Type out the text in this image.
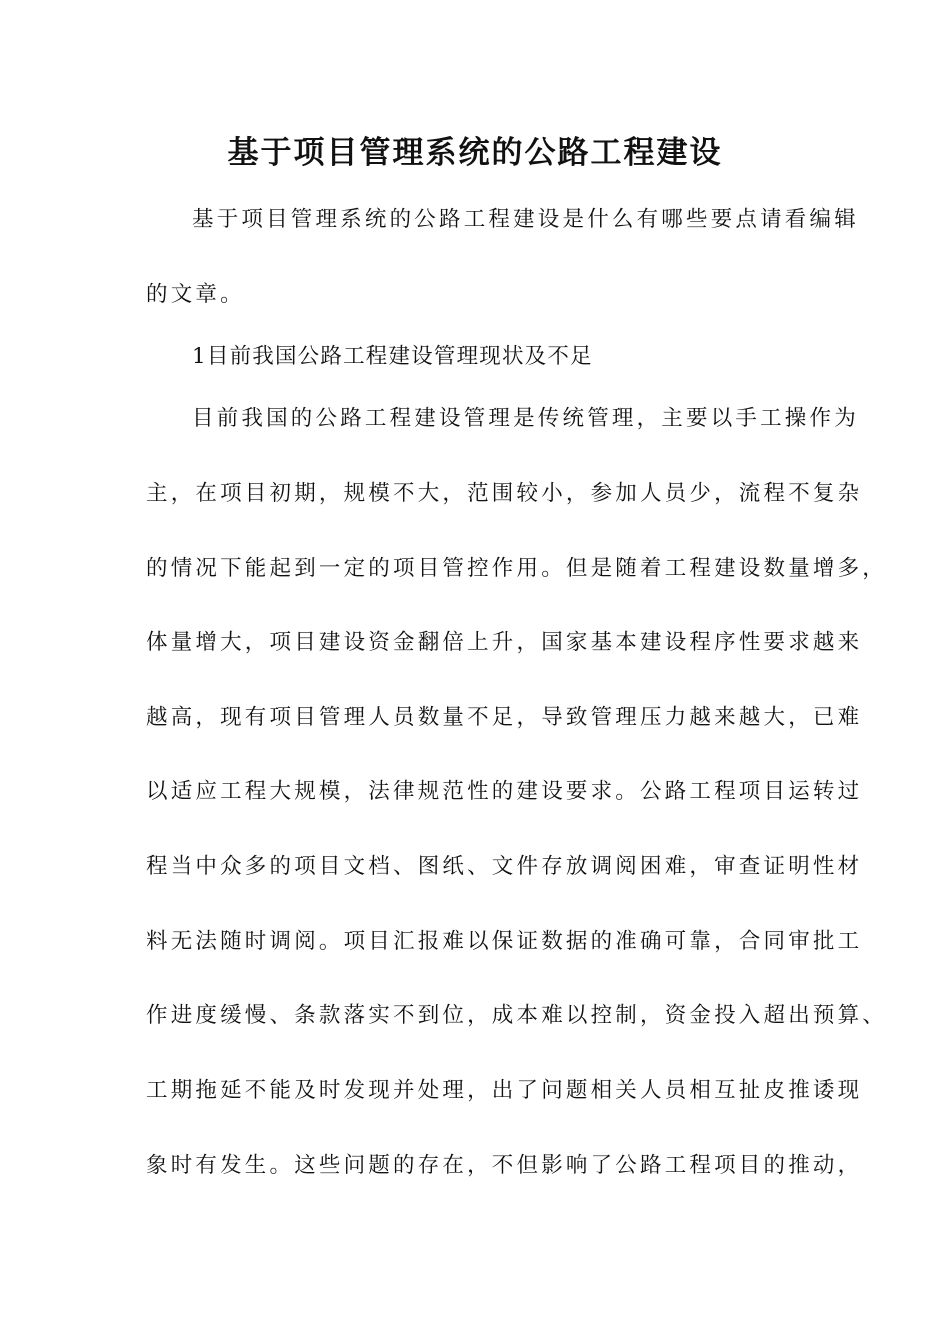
基于项目管理系统的公路工程建设

基于项目管理系统的公路工程建设是什么有哪些要点请看编辑

的文章。

1目前我国公路工程建设管理现状及不足

目前我国的公路工程建设管理是传统管理，主要以手工操作为

主，在项目初期，规模不大，范围较小，参加人员少，流程不复杂

的情况下能起到一定的项目管控作用。但是随着工程建设数量增多，

体量增大，项目建设资金翻倍上升，国家基本建设程序性要求越来

越高，现有项目管理人员数量不足，导致管理压力越来越大，已难

以适应工程大规模，法律规范性的建设要求。公路工程项目运转过

程当中众多的项目文档、图纸、文件存放调阅困难，审查证明性材

料无法随时调阅。项目汇报难以保证数据的准确可靠，合同审批工

作进度缓慢、条款落实不到位，成本难以控制，资金投入超出预算、

工期拖延不能及时发现并处理，出了问题相关人员相互扯皮推诿现

象时有发生。这些问题的存在，不但影响了公路工程项目的推动，
